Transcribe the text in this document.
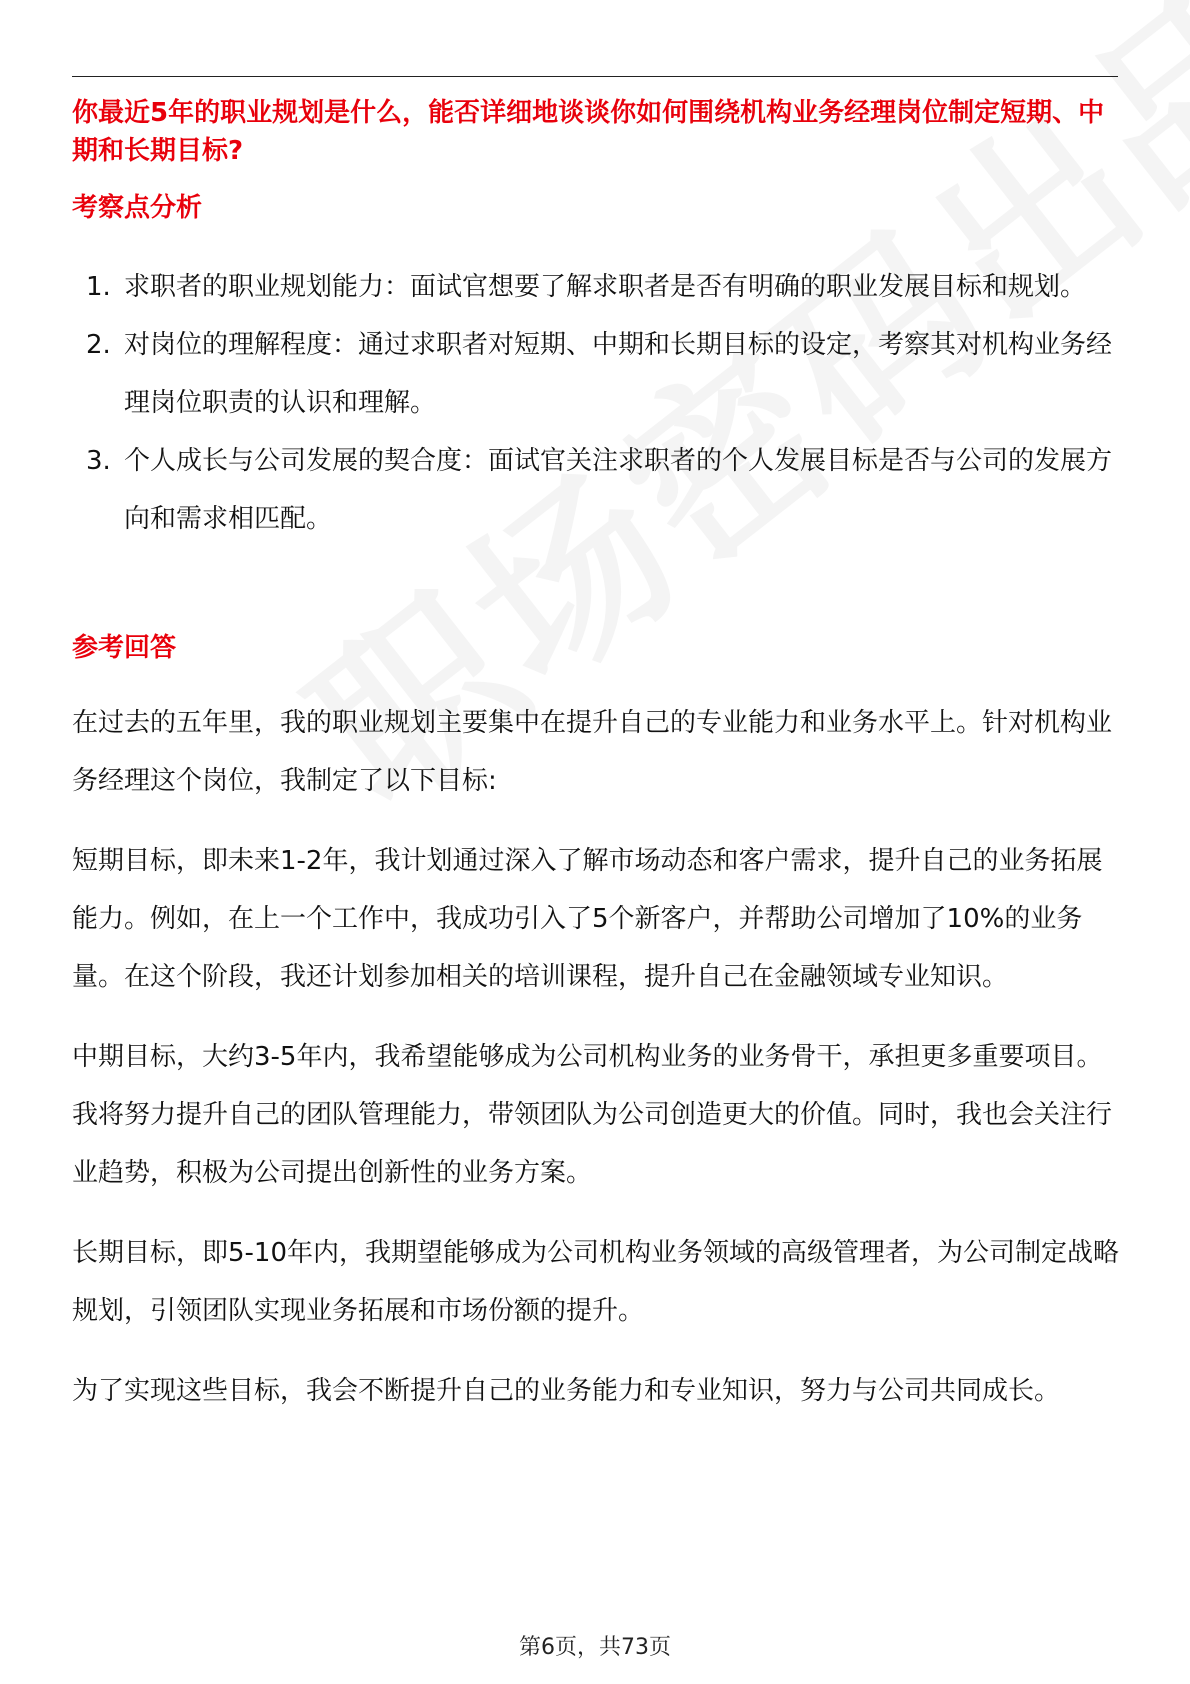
你最近5年的职业规划是什么，能否详细地谈谈你如何围绕机构业务经理岗位制定短期、中期和长期目标?
考察点分析
1. 求职者的职业规划能力：面试官想要了解求职者是否有明确的职业发展目标和规划。
2. 对岗位的理解程度：通过求职者对短期、中期和长期目标的设定，考察其对机构业务经理岗位职责的认识和理解。
3. 个人成长与公司发展的契合度：面试官关注求职者的个人发展目标是否与公司的发展方向和需求相匹配。
参考回答

在过去的五年里，我的职业规划主要集中在提升自己的专业能力和业务水平上。针对机构业务经理这个岗位，我制定了以下目标:

短期目标，即未来1-2年，我计划通过深入了解市场动态和客户需求，提升自己的业务拓展能力。例如，在上一个工作中，我成功引入了5个新客户，并帮助公司增加了10%的业务量。在这个阶段，我还计划参加相关的培训课程，提升自己在金融领域专业知识。

中期目标，大约3-5年内，我希望能够成为公司机构业务的业务骨干，承担更多重要项目。我将努力提升自己的团队管理能力，带领团队为公司创造更大的价值。同时，我也会关注行业趋势，积极为公司提出创新性的业务方案。

长期目标，即5-10年内，我期望能够成为公司机构业务领域的高级管理者，为公司制定战略规划，引领团队实现业务拓展和市场份额的提升。

为了实现这些目标，我会不断提升自己的业务能力和专业知识，努力与公司共同成长。

第6页，共73页
